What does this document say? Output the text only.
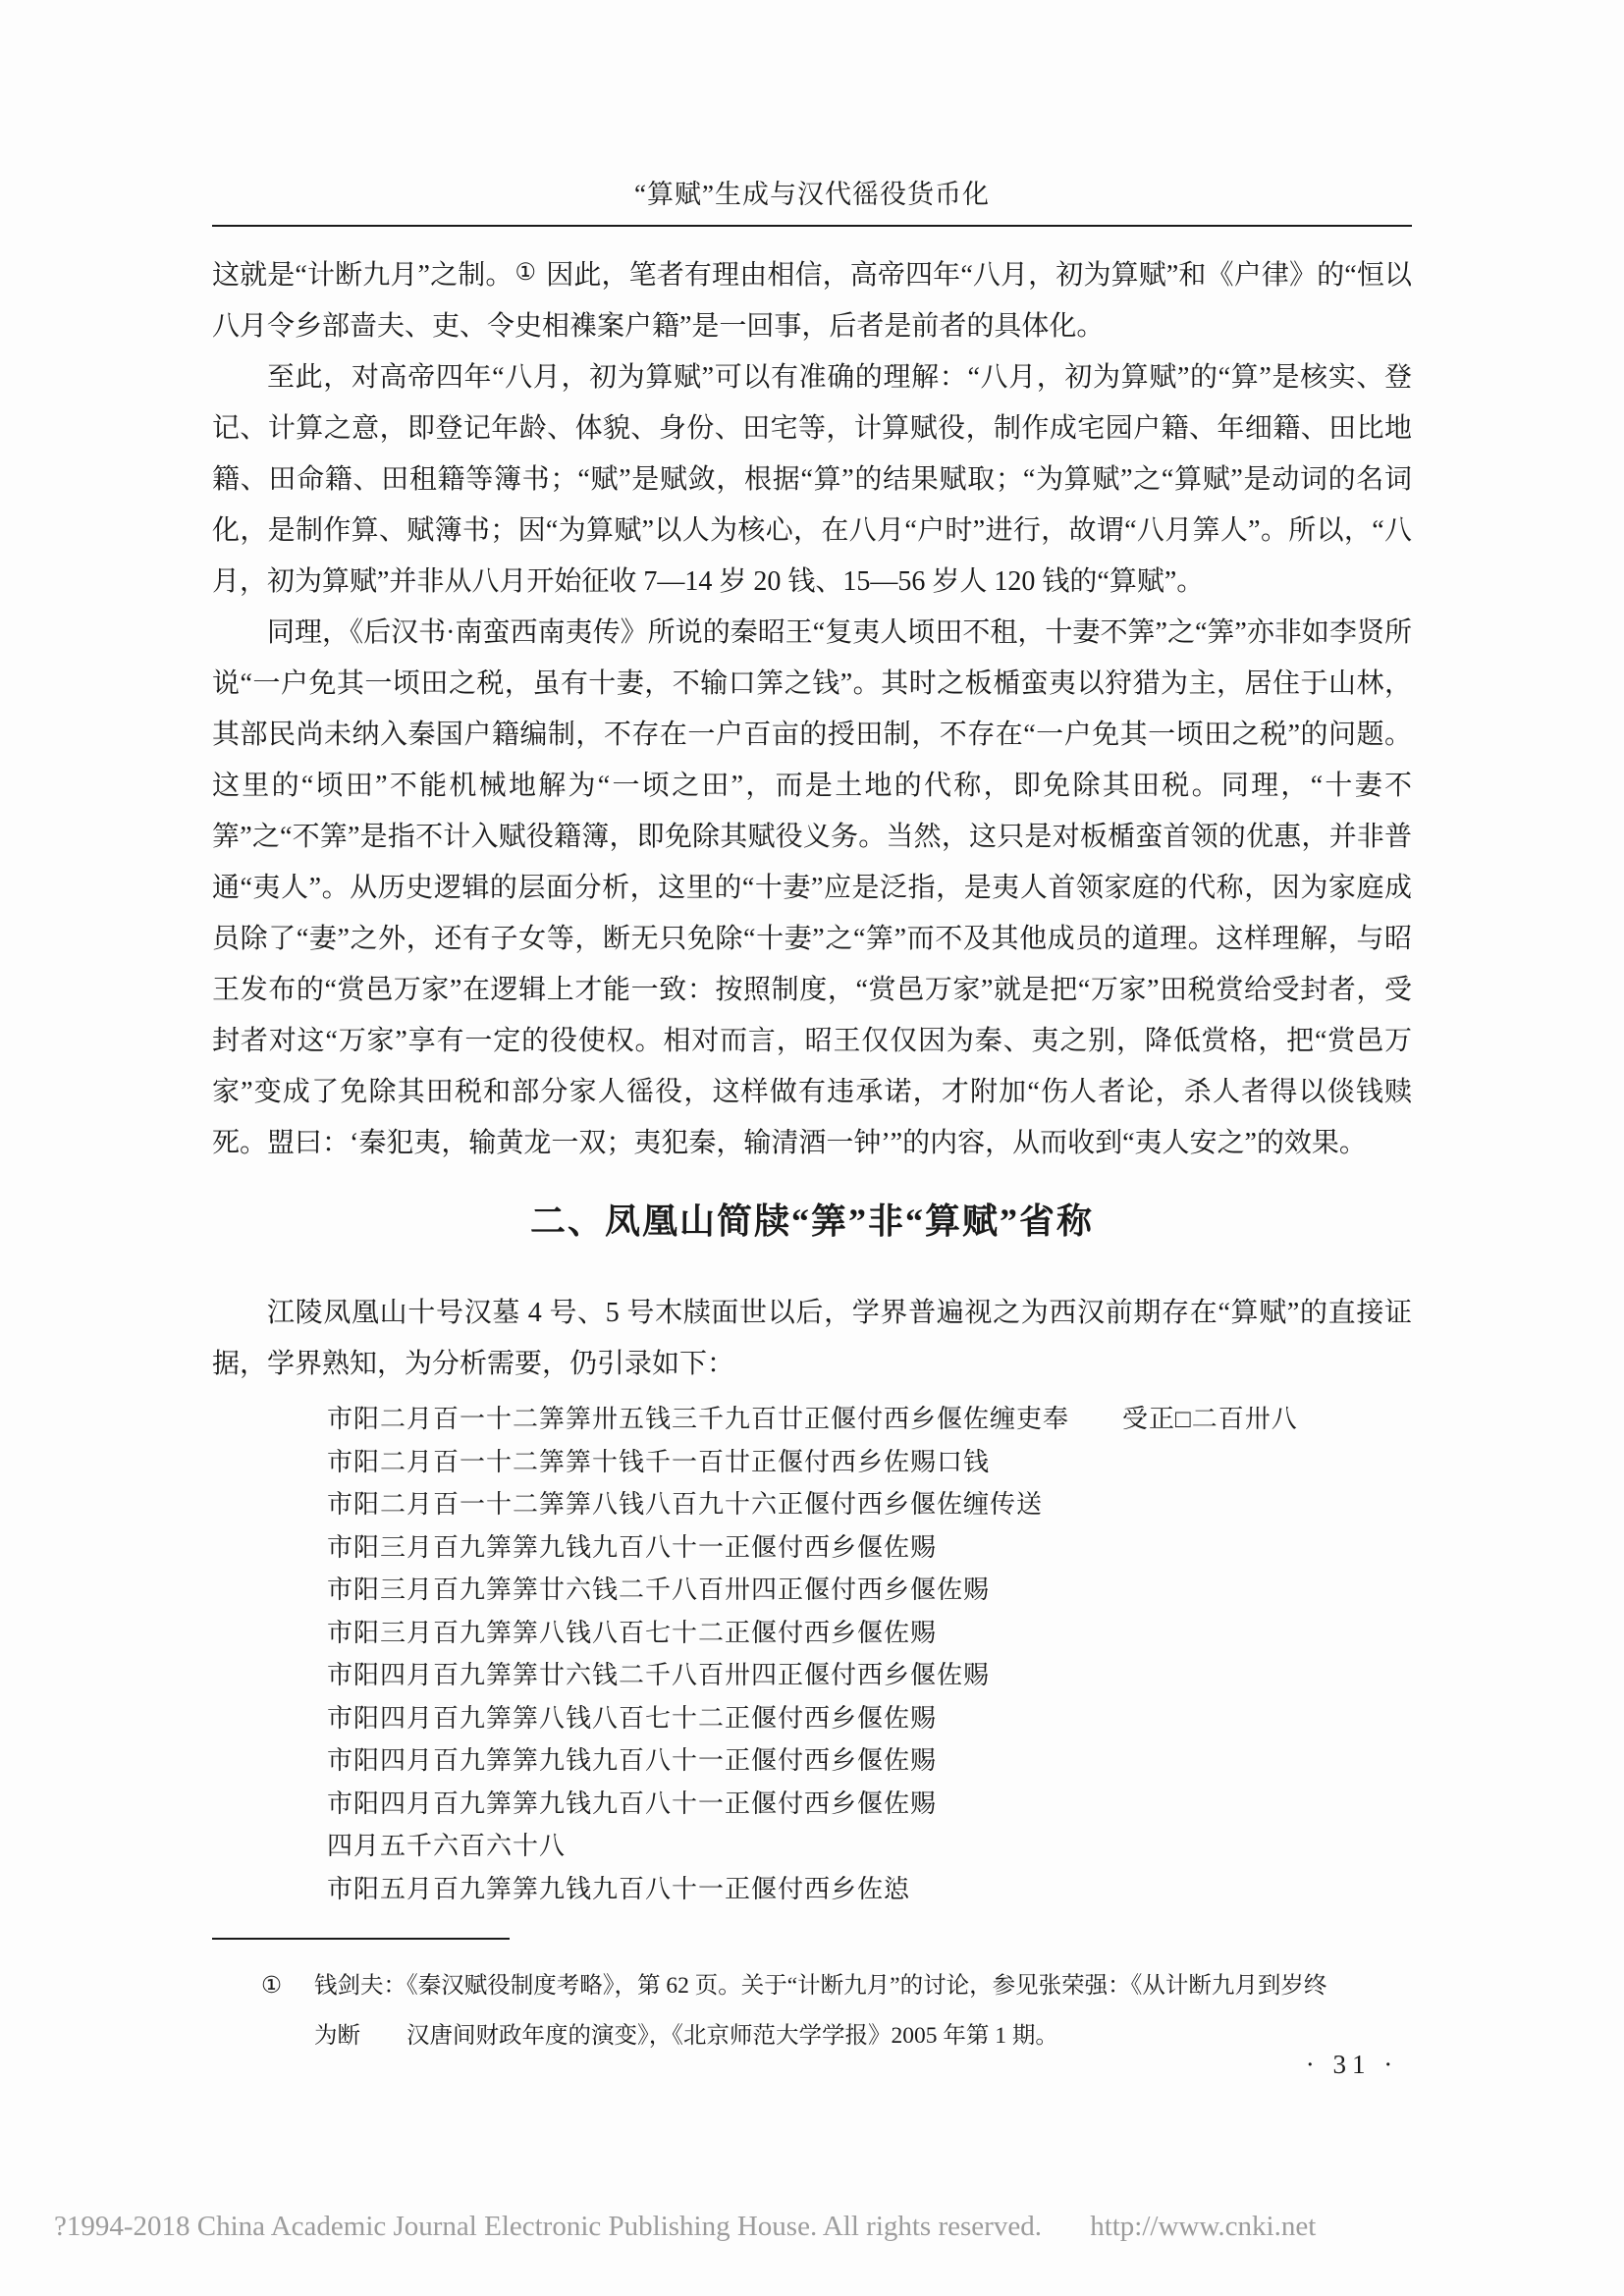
“算赋”生成与汉代徭役货币化

这就是“计断九月”之制。① 因此，笔者有理由相信，高帝四年“八月，初为算赋”和《户律》的“恒以八月令乡部啬夫、吏、令史相襍案户籍”是一回事，后者是前者的具体化。

至此，对高帝四年“八月，初为算赋”可以有准确的理解：“八月，初为算赋”的“算”是核实、登记、计算之意，即登记年龄、体貌、身份、田宅等，计算赋役，制作成宅园户籍、年细籍、田比地籍、田命籍、田租籍等簿书；“赋”是赋敛，根据“算”的结果赋取；“为算赋”之“算赋”是动词的名词化，是制作算、赋簿书；因“为算赋”以人为核心，在八月“户时”进行，故谓“八月筭人”。所以，“八月，初为算赋”并非从八月开始征收 7—14 岁 20 钱、15—56 岁人 120 钱的“算赋”。

同理，《后汉书·南蛮西南夷传》所说的秦昭王“复夷人顷田不租，十妻不筭”之“筭”亦非如李贤所说“一户免其一顷田之税，虽有十妻，不输口筭之钱”。其时之板楯蛮夷以狩猎为主，居住于山林，其部民尚未纳入秦国户籍编制，不存在一户百亩的授田制，不存在“一户免其一顷田之税”的问题。这里的“顷田”不能机械地解为“一顷之田”，而是土地的代称，即免除其田税。同理，“十妻不筭”之“不筭”是指不计入赋役籍簿，即免除其赋役义务。当然，这只是对板楯蛮首领的优惠，并非普通“夷人”。从历史逻辑的层面分析，这里的“十妻”应是泛指，是夷人首领家庭的代称，因为家庭成员除了“妻”之外，还有子女等，断无只免除“十妻”之“筭”而不及其他成员的道理。这样理解，与昭王发布的“赏邑万家”在逻辑上才能一致：按照制度，“赏邑万家”就是把“万家”田税赏给受封者，受封者对这“万家”享有一定的役使权。相对而言，昭王仅仅因为秦、夷之别，降低赏格，把“赏邑万家”变成了免除其田税和部分家人徭役，这样做有违承诺，才附加“伤人者论，杀人者得以倓钱赎死。盟曰：‘秦犯夷，输黄龙一双；夷犯秦，输清酒一钟’”的内容，从而收到“夷人安之”的效果。

二、凤凰山简牍“筭”非“算赋”省称

江陵凤凰山十号汉墓 4 号、5 号木牍面世以后，学界普遍视之为西汉前期存在“算赋”的直接证据，学界熟知，为分析需要，仍引录如下：

市阳二月百一十二筭筭卅五钱三千九百廿正偃付西乡偃佐缠吏奉　　受正□二百卅八
市阳二月百一十二筭筭十钱千一百廿正偃付西乡佐赐口钱
市阳二月百一十二筭筭八钱八百九十六正偃付西乡偃佐缠传送
市阳三月百九筭筭九钱九百八十一正偃付西乡偃佐赐
市阳三月百九筭筭廿六钱二千八百卅四正偃付西乡偃佐赐
市阳三月百九筭筭八钱八百七十二正偃付西乡偃佐赐
市阳四月百九筭筭廿六钱二千八百卅四正偃付西乡偃佐赐
市阳四月百九筭筭八钱八百七十二正偃付西乡偃佐赐
市阳四月百九筭筭九钱九百八十一正偃付西乡偃佐赐
市阳四月百九筭筭九钱九百八十一正偃付西乡偃佐赐
四月五千六百六十八
市阳五月百九筭筭九钱九百八十一正偃付西乡佐惉
①	钱剑夫：《秦汉赋役制度考略》，第 62 页。关于“计断九月”的讨论，参见张荣强：《从计断九月到岁终
为断　　汉唐间财政年度的演变》，《北京师范大学学报》2005 年第 1 期。
· 31 ·
?1994-2018 China Academic Journal Electronic Publishing House. All rights reserved. http://www.cnki.net
